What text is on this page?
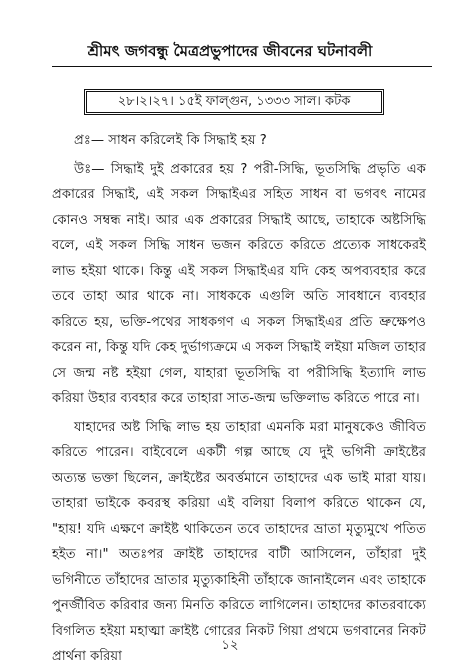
শ্রীমৎ জগবন্ধু মৈত্রপ্রভুপাদের জীবনের ঘটনাবলী
২৮।২।২৭। ১৫ই ফাল্গুন, ১৩৩৩ সাল। কটক

প্রঃ— সাধন করিলেই কি সিদ্ধাই হয় ?

উঃ— সিদ্ধাই দুই প্রকারের হয় ? পরী-সিদ্ধি, ভূতসিদ্ধি প্রভৃতি এক প্রকারের সিদ্ধাই, এই সকল সিদ্ধাইএর সহিত সাধন বা ভগবৎ নামের কোনও সম্বন্ধ নাই। আর এক প্রকারের সিদ্ধাই আছে, তাহাকে অষ্টসিদ্ধি বলে, এই সকল সিদ্ধি সাধন ভজন করিতে করিতে প্রত্যেক সাধকেরই লাভ হইয়া থাকে। কিন্তু এই সকল সিদ্ধাইএর যদি কেহ অপব্যবহার করে তবে তাহা আর থাকে না। সাধককে এগুলি অতি সাবধানে ব্যবহার করিতে হয়, ভক্তি-পথের সাধকগণ এ সকল সিদ্ধাইএর প্রতি ভ্রুক্ষেপও করেন না, কিন্তু যদি কেহ দুর্ভাগ্যক্রমে এ সকল সিদ্ধাই লইয়া মজিল তাহার সে জন্ম নষ্ট হইয়া গেল, যাহারা ভূতসিদ্ধি বা পরীসিদ্ধি ইত্যাদি লাভ করিয়া উহার ব্যবহার করে তাহারা সাত-জন্ম ভক্তিলাভ করিতে পারে না।

যাহাদের অষ্ট সিদ্ধি লাভ হয় তাহারা এমনকি মরা মানুষকেও জীবিত করিতে পারেন। বাইবেলে একটী গল্প আছে যে দুই ভগিনী ক্রাইষ্টের অত্যন্ত ভক্তা ছিলেন, ক্রাইষ্টের অবর্ত্তমানে তাহাদের এক ভাই মারা যায়। তাহারা ভাইকে কবরস্থ করিয়া এই বলিয়া বিলাপ করিতে থাকেন যে, "হায়! যদি এক্ষণে ক্রাইষ্ট থাকিতেন তবে তাহাদের ভ্রাতা মৃত্যুমুখে পতিত হইত না।" অতঃপর ক্রাইষ্ট তাহাদের বাটী আসিলেন, তাঁহারা দুই ভগিনীতে তাঁহাদের ভ্রাতার মৃত্যুকাহিনী তাঁহাকে জানাইলেন এবং তাহাকে পুনর্জীবিত করিবার জন্য মিনতি করিতে লাগিলেন। তাহাদের কাতরবাক্যে বিগলিত হইয়া মহাত্মা ক্রাইষ্ট গোরের নিকট গিয়া প্রথমে ভগবানের নিকট প্রার্থনা করিয়া

১২
